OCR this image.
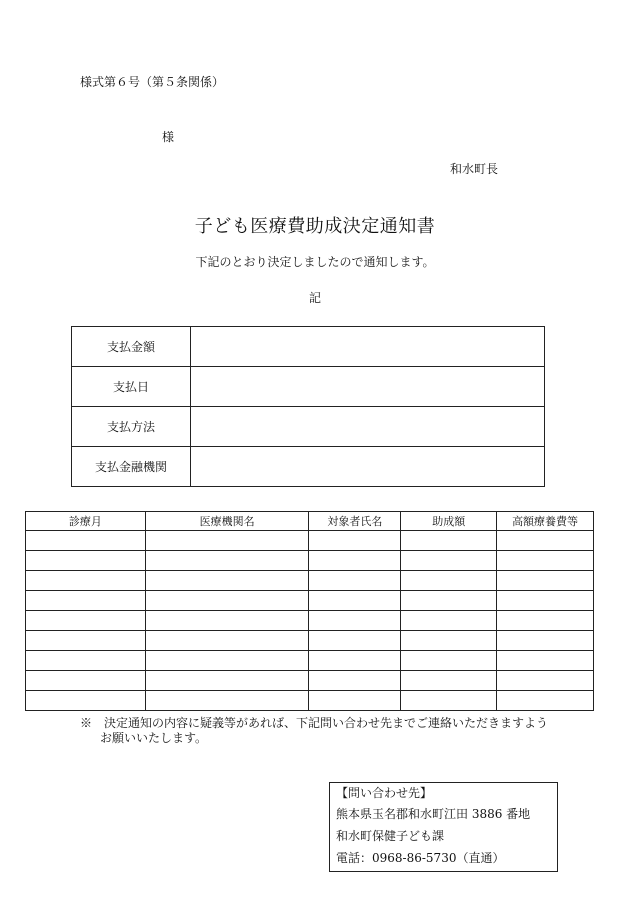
様式第６号（第５条関係）
様
和水町長
子ども医療費助成決定通知書
下記のとおり決定しましたので通知します。
記
支払金額	
支払日	
支払方法	
支払金融機関	
診療月	医療機関名	対象者氏名	助成額	高額療養費等

※　決定通知の内容に疑義等があれば、下記問い合わせ先までご連絡いただきますよう
お願いいたします。
【問い合わせ先】
熊本県玉名郡和水町江田 3886 番地
和水町保健子ども課
電話：0968-86-5730（直通）
